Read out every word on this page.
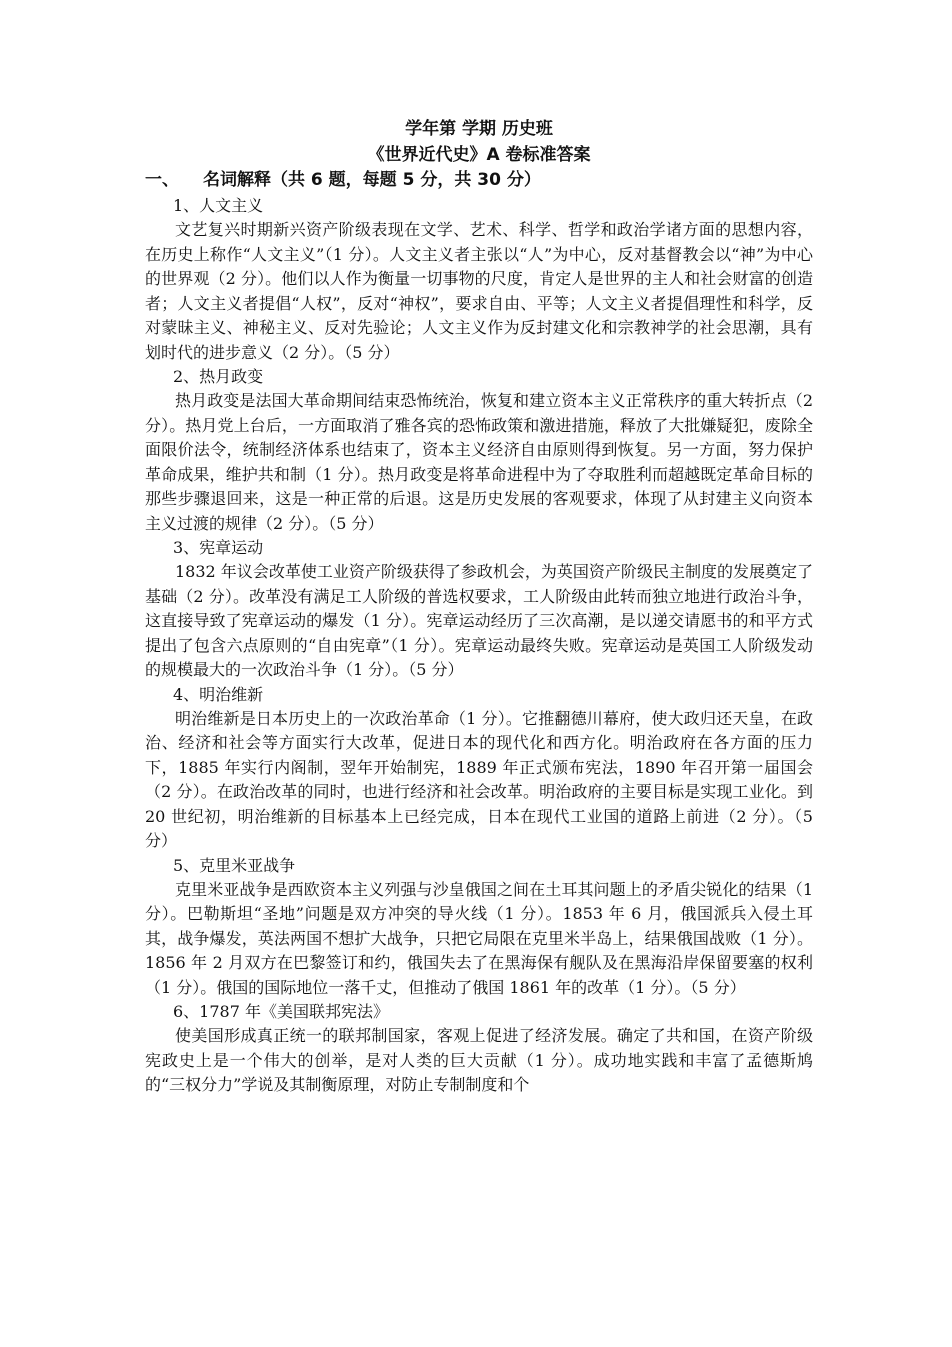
学年第 学期 历史班

《世界近代史》A 卷标准答案

一、 名词解释（共 6 题，每题 5 分，共 30 分）

1、人文主义

文艺复兴时期新兴资产阶级表现在文学、艺术、科学、哲学和政治学诸方面的思想内容，在历史上称作“人文主义”（1 分）。人文主义者主张以“人”为中心，反对基督教会以“神”为中心的世界观（2 分）。他们以人作为衡量一切事物的尺度，肯定人是世界的主人和社会财富的创造者；人文主义者提倡“人权”，反对“神权”，要求自由、平等；人文主义者提倡理性和科学，反对蒙昧主义、神秘主义、反对先验论；人文主义作为反封建文化和宗教神学的社会思潮，具有划时代的进步意义（2 分）。（5 分）

2、热月政变

热月政变是法国大革命期间结束恐怖统治，恢复和建立资本主义正常秩序的重大转折点（2 分）。热月党上台后，一方面取消了雅各宾的恐怖政策和激进措施，释放了大批嫌疑犯，废除全面限价法令，统制经济体系也结束了，资本主义经济自由原则得到恢复。另一方面，努力保护革命成果，维护共和制（1 分）。热月政变是将革命进程中为了夺取胜利而超越既定革命目标的那些步骤退回来，这是一种正常的后退。这是历史发展的客观要求，体现了从封建主义向资本主义过渡的规律（2 分）。（5 分）

3、宪章运动

1832 年议会改革使工业资产阶级获得了参政机会，为英国资产阶级民主制度的发展奠定了基础（2 分）。改革没有满足工人阶级的普选权要求，工人阶级由此转而独立地进行政治斗争，这直接导致了宪章运动的爆发（1 分）。宪章运动经历了三次高潮，是以递交请愿书的和平方式提出了包含六点原则的“自由宪章”（1 分）。宪章运动最终失败。宪章运动是英国工人阶级发动的规模最大的一次政治斗争（1 分）。（5 分）

4、明治维新

明治维新是日本历史上的一次政治革命（1 分）。它推翻德川幕府，使大政归还天皇，在政治、经济和社会等方面实行大改革，促进日本的现代化和西方化。明治政府在各方面的压力下，1885 年实行内阁制，翌年开始制宪，1889 年正式颁布宪法，1890 年召开第一届国会（2 分）。在政治改革的同时，也进行经济和社会改革。明治政府的主要目标是实现工业化。到 20 世纪初，明治维新的目标基本上已经完成，日本在现代工业国的道路上前进（2 分）。（5 分）

5、克里米亚战争

克里米亚战争是西欧资本主义列强与沙皇俄国之间在土耳其问题上的矛盾尖锐化的结果（1 分）。巴勒斯坦“圣地”问题是双方冲突的导火线（1 分）。1853 年 6 月，俄国派兵入侵土耳其，战争爆发，英法两国不想扩大战争，只把它局限在克里米半岛上，结果俄国战败（1 分）。1856 年 2 月双方在巴黎签订和约，俄国失去了在黑海保有舰队及在黑海沿岸保留要塞的权利（1 分）。俄国的国际地位一落千丈，但推动了俄国 1861 年的改革（1 分）。（5 分）

6、1787 年《美国联邦宪法》

使美国形成真正统一的联邦制国家，客观上促进了经济发展。确定了共和国，在资产阶级宪政史上是一个伟大的创举，是对人类的巨大贡献（1 分）。成功地实践和丰富了孟德斯鸠的“三权分力”学说及其制衡原理，对防止专制制度和个
